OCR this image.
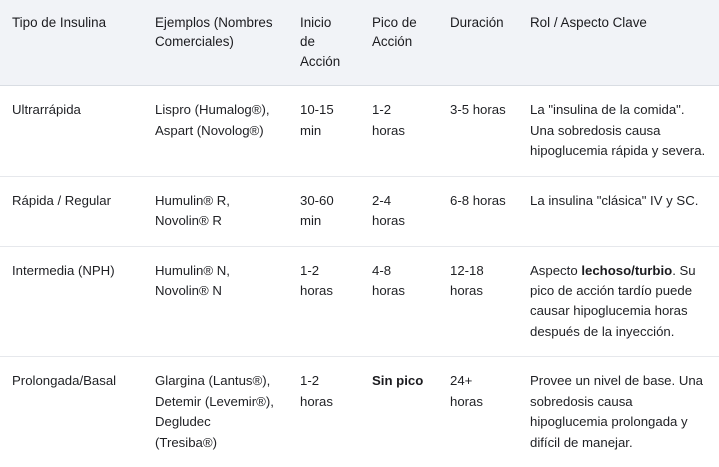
Tipo de Insulina	Ejemplos (Nombres Comerciales)	Inicio de Acción	Pico de Acción	Duración	Rol / Aspecto Clave
Ultrarrápida	Lispro (Humalog®), Aspart (Novolog®)	10-15 min	1-2 horas	3-5 horas	La "insulina de la comida". Una sobredosis causa hipoglucemia rápida y severa.
Rápida / Regular	Humulin® R, Novolin® R	30-60 min	2-4 horas	6-8 horas	La insulina "clásica" IV y SC.
Intermedia (NPH)	Humulin® N, Novolin® N	1-2 horas	4-8 horas	12-18 horas	Aspecto lechoso/turbio. Su pico de acción tardío puede causar hipoglucemia horas después de la inyección.
Prolongada/Basal	Glargina (Lantus®), Detemir (Levemir®), Degludec (Tresiba®)	1-2 horas	Sin pico	24+ horas	Provee un nivel de base. Una sobredosis causa hipoglucemia prolongada y difícil de manejar.
